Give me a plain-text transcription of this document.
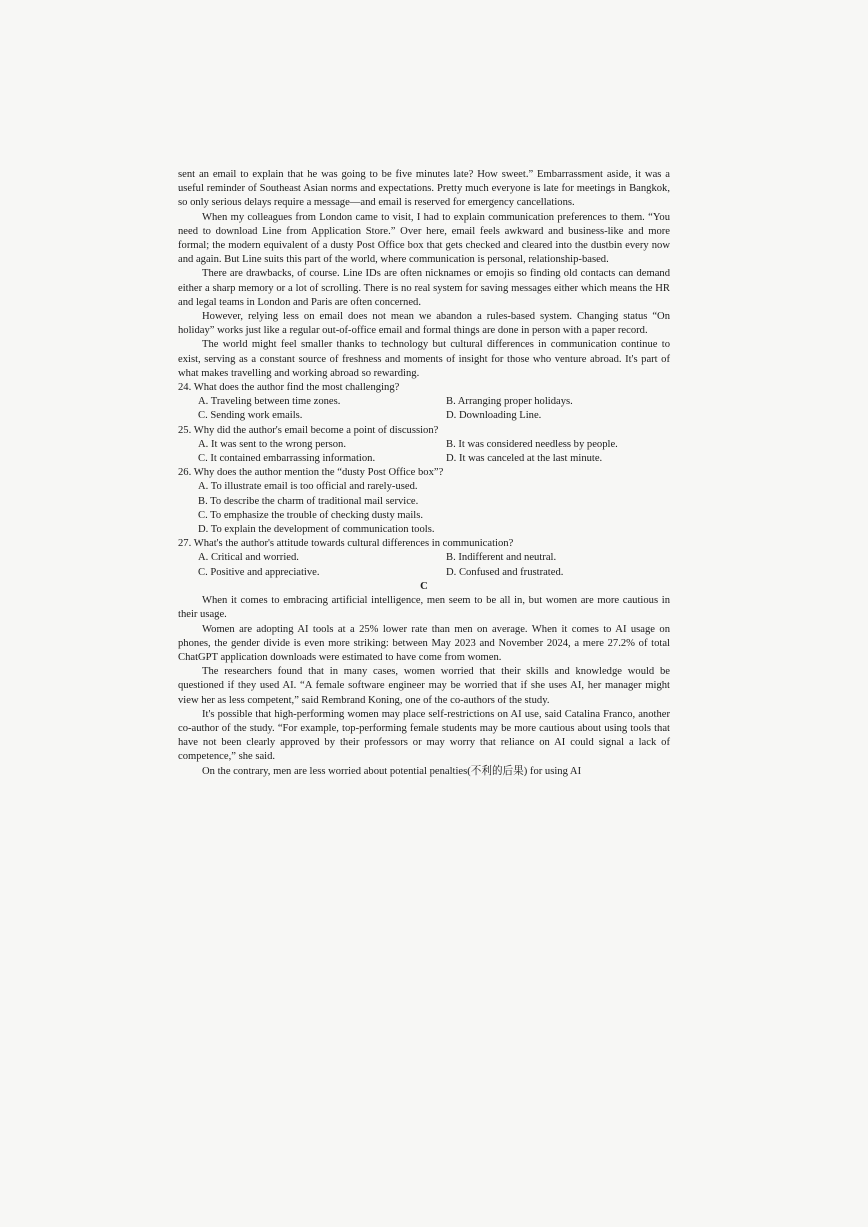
sent an email to explain that he was going to be five minutes late? How sweet.” Embarrassment aside, it was a useful reminder of Southeast Asian norms and expectations. Pretty much everyone is late for meetings in Bangkok, so only serious delays require a message—and email is reserved for emergency cancellations.

When my colleagues from London came to visit, I had to explain communication preferences to them. “You need to download Line from Application Store.” Over here, email feels awkward and business-like and more formal; the modern equivalent of a dusty Post Office box that gets checked and cleared into the dustbin every now and again. But Line suits this part of the world, where communication is personal, relationship-based.

There are drawbacks, of course. Line IDs are often nicknames or emojis so finding old contacts can demand either a sharp memory or a lot of scrolling. There is no real system for saving messages either which means the HR and legal teams in London and Paris are often concerned.

However, relying less on email does not mean we abandon a rules-based system. Changing status “On holiday” works just like a regular out-of-office email and formal things are done in person with a paper record.

The world might feel smaller thanks to technology but cultural differences in communication continue to exist, serving as a constant source of freshness and moments of insight for those who venture abroad. It's part of what makes travelling and working abroad so rewarding.

24. What does the author find the most challenging?

A. Traveling between time zones.	B. Arranging proper holidays.
C. Sending work emails.	D. Downloading Line.

25. Why did the author's email become a point of discussion?

A. It was sent to the wrong person.	B. It was considered needless by people.
C. It contained embarrassing information.	D. It was canceled at the last minute.

26. Why does the author mention the “dusty Post Office box”?

A. To illustrate email is too official and rarely-used.
B. To describe the charm of traditional mail service.
C. To emphasize the trouble of checking dusty mails.
D. To explain the development of communication tools.

27. What's the author's attitude towards cultural differences in communication?

A. Critical and worried.	B. Indifferent and neutral.
C. Positive and appreciative.	D. Confused and frustrated.

C

When it comes to embracing artificial intelligence, men seem to be all in, but women are more cautious in their usage.

Women are adopting AI tools at a 25% lower rate than men on average. When it comes to AI usage on phones, the gender divide is even more striking: between May 2023 and November 2024, a mere 27.2% of total ChatGPT application downloads were estimated to have come from women.

The researchers found that in many cases, women worried that their skills and knowledge would be questioned if they used AI. “A female software engineer may be worried that if she uses AI, her manager might view her as less competent,” said Rembrand Koning, one of the co-authors of the study.

It's possible that high-performing women may place self-restrictions on AI use, said Catalina Franco, another co-author of the study. “For example, top-performing female students may be more cautious about using tools that have not been clearly approved by their professors or may worry that reliance on AI could signal a lack of competence,” she said.

On the contrary, men are less worried about potential penalties(不利的后果) for using AI
